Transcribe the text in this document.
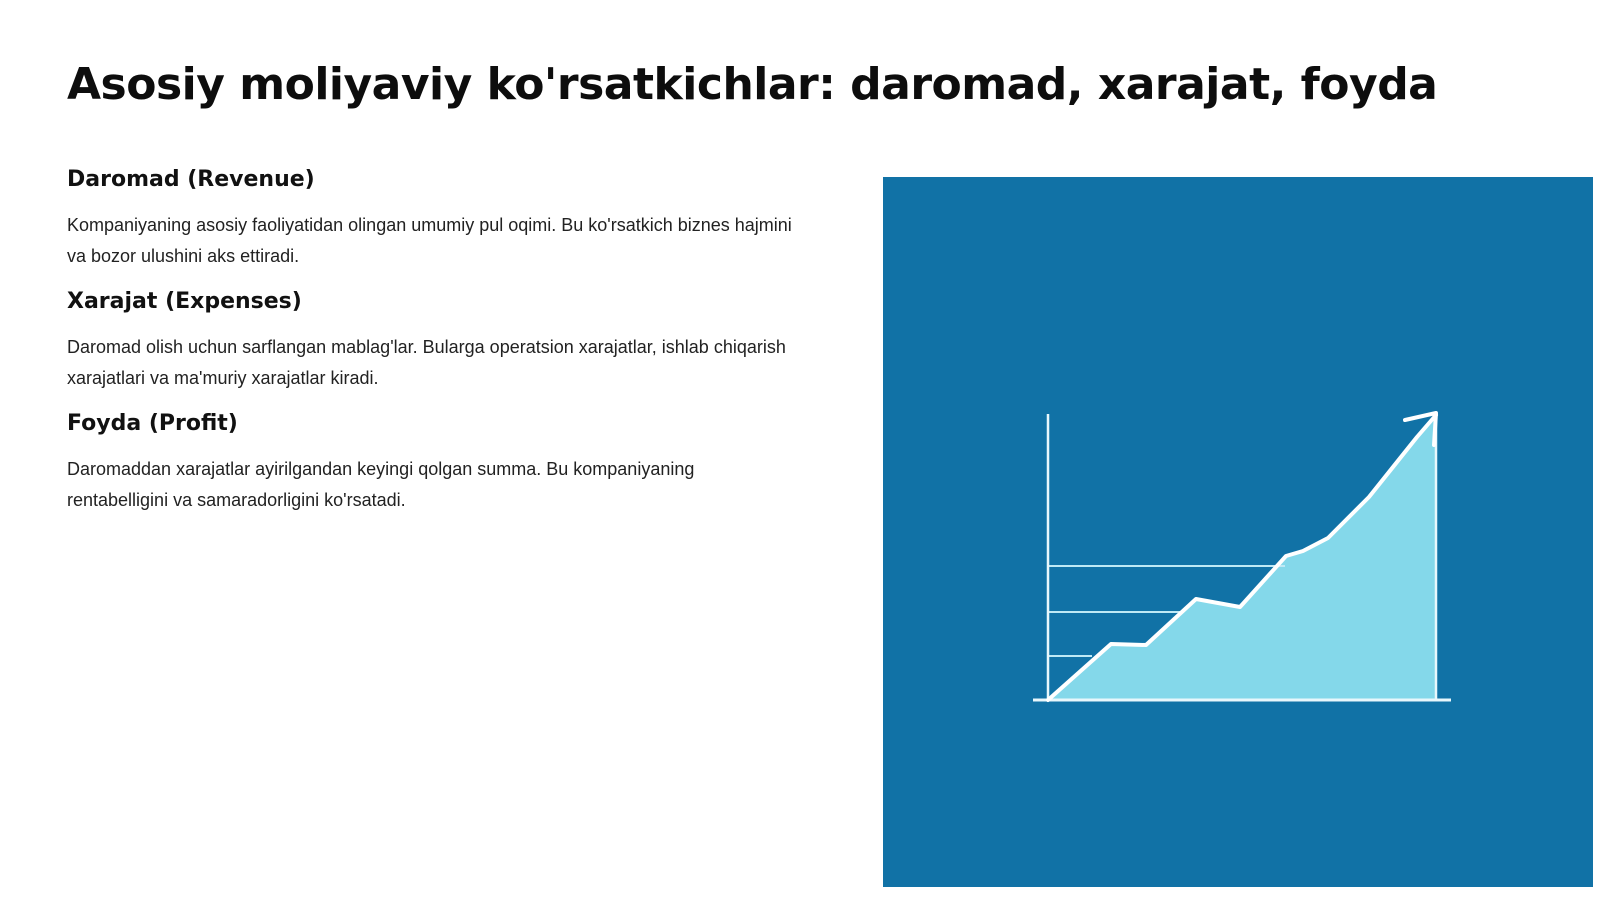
Asosiy moliyaviy ko'rsatkichlar: daromad, xarajat, foyda
Daromad (Revenue)

Kompaniyaning asosiy faoliyatidan olingan umumiy pul oqimi. Bu ko'rsatkich biznes hajmini va bozor ulushini aks ettiradi.

Xarajat (Expenses)

Daromad olish uchun sarflangan mablag'lar. Bularga operatsion xarajatlar, ishlab chiqarish xarajatlari va ma'muriy xarajatlar kiradi.

Foyda (Profit)

Daromaddan xarajatlar ayirilgandan keyingi qolgan summa. Bu kompaniyaning rentabelligini va samaradorligini ko'rsatadi.
